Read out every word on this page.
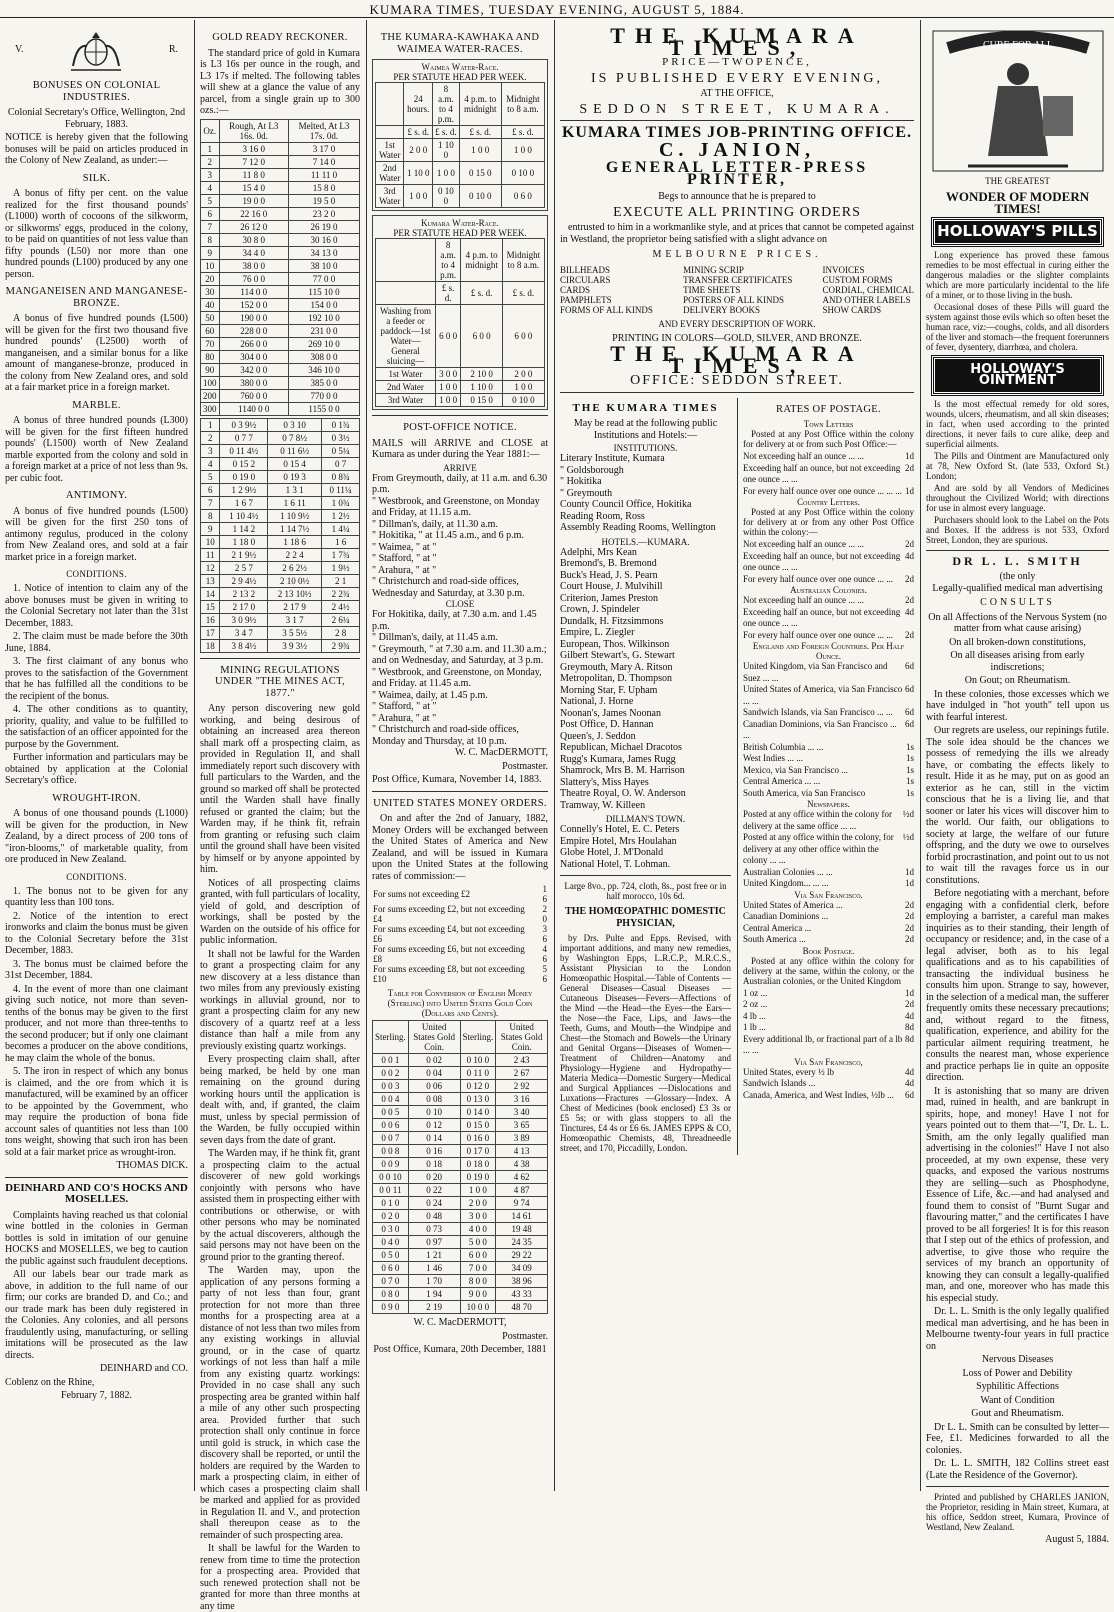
KUMARA TIMES, TUESDAY EVENING, AUGUST 5, 1884.
V.	R.
BONUSES ON COLONIAL INDUSTRIES.

Colonial Secretary's Office, Wellington, 2nd February, 1883.

NOTICE is hereby given that the following bonuses will be paid on articles produced in the Colony of New Zealand, as under:—

SILK.

A bonus of fifty per cent. on the value realized for the first thousand pounds' (L1000) worth of cocoons of the silkworm, or silkworms' eggs, produced in the colony, to be paid on quantities of not less value than fifty pounds (L50) nor more than one hundred pounds (L100) produced by any one person.

MANGANEISEN AND MANGANESE-BRONZE.

A bonus of five hundred pounds (L500) will be given for the first two thousand five hundred pounds' (L2500) worth of manganeisen, and a similar bonus for a like amount of manganese-bronze, produced in the colony from New Zealand ores, and sold at a fair market price in a foreign market.

MARBLE.

A bonus of three hundred pounds (L300) will be given for the first fifteen hundred pounds' (L1500) worth of New Zealand marble exported from the colony and sold in a foreign market at a price of not less than 9s. per cubic foot.

ANTIMONY.

A bonus of five hundred pounds (L500) will be given for the first 250 tons of antimony regulus, produced in the colony from New Zealand ores, and sold at a fair market price in a foreign market.

CONDITIONS.

1. Notice of intention to claim any of the above bonuses must be given in writing to the Colonial Secretary not later than the 31st December, 1883.

2. The claim must be made before the 30th June, 1884.

3. The first claimant of any bonus who proves to the satisfaction of the Government that he has fulfilled all the conditions to be the recipient of the bonus.

4. The other conditions as to quantity, priority, quality, and value to be fulfilled to the satisfaction of an officer appointed for the purpose by the Government.

Further information and particulars may be obtained by application at the Colonial Secretary's office.

WROUGHT-IRON.

A bonus of one thousand pounds (L1000) will be given for the production, in New Zealand, by a direct process of 200 tons of "iron-blooms," of marketable quality, from ore produced in New Zealand.

CONDITIONS.

1. The bonus not to be given for any quantity less than 100 tons.

2. Notice of the intention to erect ironworks and claim the bonus must be given to the Colonial Secretary before the 31st December, 1883.

3. The bonus must be claimed before the 31st December, 1884.

4. In the event of more than one claimant giving such notice, not more than seven-tenths of the bonus may be given to the first producer, and not more than three-tenths to the second producer; but if only one claimant becomes a producer on the above conditions, he may claim the whole of the bonus.

5. The iron in respect of which any bonus is claimed, and the ore from which it is manufactured, will be examined by an officer to be appointed by the Government, who may require the production of bona fide account sales of quantities not less than 100 tons weight, showing that such iron has been sold at a fair market price as wrought-iron.

THOMAS DICK.

DEINHARD AND CO'S HOCKS AND MOSELLES.

Complaints having reached us that colonial wine bottled in the colonies in German bottles is sold in imitation of our genuine HOCKS and MOSELLES, we beg to caution the public against such fraudulent deceptions.

All our labels bear our trade mark as above, in addition to the full name of our firm; our corks are branded D. and Co.; and our trade mark has been duly registered in the Colonies. Any colonies, and all persons fraudulently using, manufacturing, or selling imitations will be prosecuted as the law directs.

DEINHARD and CO.

Coblenz on the Rhine,

February 7, 1882.

GOLD READY RECKONER.

The standard price of gold in Kumara is L3 16s per ounce in the rough, and L3 17s if melted. The following tables will shew at a glance the value of any parcel, from a single grain up to 300 ozs.:—

Oz.	Rough, At L3 16s. 0d.	Melted, At L3 17s. 0d.
1	3 16 0	3 17 0
2	7 12 0	7 14 0
3	11 8 0	11 11 0
4	15 4 0	15 8 0
5	19 0 0	19 5 0
6	22 16 0	23 2 0
7	26 12 0	26 19 0
8	30 8 0	30 16 0
9	34 4 0	34 13 0
10	38 0 0	38 10 0
20	76 0 0	77 0 0
30	114 0 0	115 10 0
40	152 0 0	154 0 0
50	190 0 0	192 10 0
60	228 0 0	231 0 0
70	266 0 0	269 10 0
80	304 0 0	308 0 0
90	342 0 0	346 10 0
100	380 0 0	385 0 0
200	760 0 0	770 0 0
300	1140 0 0	1155 0 0
1	0 3 9½	0 3 10	0 1¾
2	0 7 7	0 7 8½	0 3½
3	0 11 4½	0 11 6½	0 5¼
4	0 15 2	0 15 4	0 7
5	0 19 0	0 19 3	0 8¾
6	1 2 9½	1 3 1	0 11¼
7	1 6 7	1 6 11	1 0¾
8	1 10 4½	1 10 9½	1 2½
9	1 14 2	1 14 7½	1 4¼
10	1 18 0	1 18 6	1 6
11	2 1 9½	2 2 4	1 7¾
12	2 5 7	2 6 2½	1 9½
13	2 9 4½	2 10 0½	2 1
14	2 13 2	2 13 10½	2 2¾
15	2 17 0	2 17 9	2 4½
16	3 0 9½	3 1 7	2 6¼
17	3 4 7	3 5 5½	2 8
18	3 8 4½	3 9 3½	2 9¾
MINING REGULATIONS UNDER "THE MINES ACT, 1877."

Any person discovering new gold working, and being desirous of obtaining an increased area thereon shall mark off a prospecting claim, as provided in Regulation II, and shall immediately report such discovery with full particulars to the Warden, and the ground so marked off shall be protected until the Warden shall have finally refused or granted the claim; but the Warden may, if he think fit, refrain from granting or refusing such claim until the ground shall have been visited by himself or by anyone appointed by him.

Notices of all prospecting claims granted, with full particulars of locality, yield of gold, and description of workings, shall be posted by the Warden on the outside of his office for public information.

It shall not be lawful for the Warden to grant a prospecting claim for any new discovery at a less distance than two miles from any previously existing workings in alluvial ground, nor to grant a prospecting claim for any new discovery of a quartz reef at a less distance than half a mile from any previously existing quartz workings.

Every prospecting claim shall, after being marked, be held by one man remaining on the ground during working hours until the application is dealt with, and, if granted, the claim must, unless by special permission of the Warden, be fully occupied within seven days from the date of grant.

The Warden may, if he think fit, grant a prospecting claim to the actual discoverer of new gold workings conjointly with persons who have assisted them in prospecting either with contributions or otherwise, or with other persons who may be nominated by the actual discoverers, although the said persons may not have been on the ground prior to the granting thereof.

The Warden may, upon the application of any persons forming a party of not less than four, grant protection for not more than three months for a prospecting area at a distance of not less than two miles from any existing workings in alluvial ground, or in the case of quartz workings of not less than half a mile from any existing quartz workings: Provided in no case shall any such prospecting area be granted within half a mile of any other such prospecting area. Provided further that such protection shall only continue in force until gold is struck, in which case the discovery shall be reported, or until the holders are required by the Warden to mark a prospecting claim, in either of which cases a prospecting claim shall be marked and applied for as provided in Regulation II. and V., and protection shall thereupon cease as to the remainder of such prospecting area.

It shall be lawful for the Warden to renew from time to time the protection for a prospecting area. Provided that such renewed protection shall not be granted for more than three months at any time

THE KUMARA-KAWHAKA AND WAIMEA WATER-RACES.
Waimea Water-Race.
PER STATUTE HEAD PER WEEK.
	24 hours.	8 a.m. to 4 p.m.	4 p.m. to midnight	Midnight to 8 a.m.
	£ s. d.	£ s. d.	£ s. d.	£ s. d.
1st Water	2 0 0	1 10 0	1 0 0	1 0 0
2nd Water	1 10 0	1 0 0	0 15 0	0 10 0
3rd Water	1 0 0	0 10 0	0 10 0	0 6 0
Kumara Water-Race.
PER STATUTE HEAD PER WEEK.
	8 a.m. to 4 p.m.	4 p.m. to midnight	Midnight to 8 a.m.
	£ s. d.	£ s. d.	£ s. d.
Washing from a feeder or paddock—1st Water—General sluicing—	6 0 0	6 0 0	6 0 0
1st Water	3 0 0	2 10 0	2 0 0
2nd Water	1 0 0	1 10 0	1 0 0
3rd Water	1 0 0	0 15 0	0 10 0
POST-OFFICE NOTICE.

MAILS will ARRIVE and CLOSE at Kumara as under during the Year 1881:—

ARRIVE
From Greymouth, daily, at 11 a.m. and 6.30 p.m.
" Westbrook, and Greenstone, on Monday and Friday, at 11.15 a.m.
" Dillman's, daily, at 11.30 a.m.
" Hokitika, " at 11.45 a.m., and 6 p.m.
" Waimea, " at "
" Stafford, " at "
" Arahura, " at "
" Christchurch and road-side offices, Wednesday and Saturday, at 3.30 p.m.
CLOSE
For Hokitika, daily, at 7.30 a.m. and 1.45 p.m.
" Dillman's, daily, at 11.45 a.m.
" Greymouth, " at 7.30 a.m. and 11.30 a.m.; and on Wednesday, and Saturday, at 3 p.m.
" Westbrook, and Greenstone, on Monday, and Friday. at 11.45 a.m.
" Waimea, daily, at 1.45 p.m.
" Stafford, " at "
" Arahura, " at "
" Christchurch and road-side offices, Monday and Thursday, at 10 p.m.

W. C. MacDERMOTT,

Postmaster.

Post Office, Kumara, November 14, 1883.

UNITED STATES MONEY ORDERS.

On and after the 2nd of January, 1882, Money Orders will be exchanged between the United States of America and New Zealand, and will be issued in Kumara upon the United States at the following rates of commission:—

For sums not exceeding £2	1 6
For sums exceeding £2, but not exceeding £4	2 0
For sums exceeding £4, but not exceeding £6	3 6
For sums exceeding £6, but not exceeding £8	4 6
For sums exceeding £8, but not exceeding £10	5 6

Table for Conversion of English Money (Sterling) into United States Gold Coin (Dollars and Cents).

Sterling.	United States Gold Coin.	Sterling.	United States Gold Coin.
0 0 1	0 02	0 10 0	2 43
0 0 2	0 04	0 11 0	2 67
0 0 3	0 06	0 12 0	2 92
0 0 4	0 08	0 13 0	3 16
0 0 5	0 10	0 14 0	3 40
0 0 6	0 12	0 15 0	3 65
0 0 7	0 14	0 16 0	3 89
0 0 8	0 16	0 17 0	4 13
0 0 9	0 18	0 18 0	4 38
0 0 10	0 20	0 19 0	4 62
0 0 11	0 22	1 0 0	4 87
0 1 0	0 24	2 0 0	9 74
0 2 0	0 48	3 0 0	14 61
0 3 0	0 73	4 0 0	19 48
0 4 0	0 97	5 0 0	24 35
0 5 0	1 21	6 0 0	29 22
0 6 0	1 46	7 0 0	34 09
0 7 0	1 70	8 0 0	38 96
0 8 0	1 94	9 0 0	43 33
0 9 0	2 19	10 0 0	48 70

W. C. MacDERMOTT,

Postmaster.

Post Office, Kumara, 20th December, 1881

THE KUMARA TIMES,
PRICE—TWOPENCE,
IS PUBLISHED EVERY EVENING,
AT THE OFFICE,
SEDDON STREET, KUMARA.
KUMARA TIMES JOB-PRINTING OFFICE.
C. JANION,
GENERAL LETTER-PRESS PRINTER,
Begs to announce that he is prepared to
EXECUTE ALL PRINTING ORDERS

entrusted to him in a workmanlike style, and at prices that cannot be competed against in Westland, the proprietor being satisfied with a slight advance on

MELBOURNE PRICES.
BILLHEADS
CIRCULARS
CARDS
PAMPHLETS
FORMS OF ALL KINDS
MINING SCRIP
TRANSFER CERTIFICATES
TIME SHEETS
POSTERS OF ALL KINDS
DELIVERY BOOKS
INVOICES
CUSTOM FORMS
CORDIAL, CHEMICAL
AND OTHER LABELS
SHOW CARDS
AND EVERY DESCRIPTION OF WORK.
PRINTING IN COLORS—GOLD, SILVER, AND BRONZE.
THE KUMARA TIMES,
OFFICE: SEDDON STREET.
THE KUMARA TIMES

May be read at the following public Institutions and Hotels:—

INSTITUTIONS.
Literary Institute, Kumara
" Goldsborough
" Hokitika
" Greymouth
County Council Office, Hokitika
Reading Room, Ross
Assembly Reading Rooms, Wellington
HOTELS.—KUMARA.
Adelphi, Mrs Kean
Bremond's, B. Bremond
Buck's Head, J. S. Pearn
Court House, J. Mulvihill
Criterion, James Preston
Crown, J. Spindeler
Dundalk, H. Fitzsimmons
Empire, L. Ziegler
European, Thos. Wilkinson
Gilbert Stewart's, G. Stewart
Greymouth, Mary A. Ritson
Metropolitan, D. Thompson
Morning Star, F. Upham
National, J. Horne
Noonan's, James Noonan
Post Office, D. Hannan
Queen's, J. Seddon
Republican, Michael Dracotos
Rugg's Kumara, James Rugg
Shamrock, Mrs B. M. Harrison
Slattery's, Miss Hayes
Theatre Royal, O. W. Anderson
Tramway, W. Killeen
DILLMAN'S TOWN.
Connelly's Hotel, E. C. Peters
Empire Hotel, Mrs Houlahan
Globe Hotel, J. M'Donald
National Hotel, T. Lohman.

Large 8vo., pp. 724, cloth, 8s., post free or in half morocco, 10s 6d.

THE HOMŒOPATHIC DOMESTIC PHYSICIAN,

by Drs. Pulte and Epps. Revised, with important additions, and many new remedies, by Washington Epps, L.R.C.P., M.R.C.S., Assistant Physician to the London Homœopathic Hospital.—Table of Contents — General Diseases—Casual Diseases — Cutaneous Diseases—Fevers—Affections of the Mind —the Head—the Eyes—the Ears—the Nose—the Face, Lips, and Jaws—the Teeth, Gums, and Mouth—the Windpipe and Chest—the Stomach and Bowels—the Urinary and Genital Organs—Diseases of Women—Treatment of Children—Anatomy and Physiology—Hygiene and Hydropathy—Materia Medica—Domestic Surgery—Medical and Surgical Appliances —Dislocations and Luxations—Fractures —Glossary—Index. A Chest of Medicines (book enclosed) £3 3s or £5 5s; or with glass stoppers to all the Tinctures, £4 4s or £6 6s. JAMES EPPS & CO, Homœopathic Chemists, 48, Threadneedle street, and 170, Piccadilly, London.

RATES OF POSTAGE.
Town Letters

Posted at any Post Office within the colony for delivery at or from such Post Office:—

Not exceeding half an ounce ... ...	1d
Exceeding half an ounce, but not exceeding one ounce ... ...
2d
For every half ounce over one ounce ... ... ... 1d
Country Letters.

Posted at any Post Office within the colony for delivery at or from any other Post Office within the colony:—

Not exceeding half an ounce ... ...	2d
Exceeding half an ounce, but not exceeding one ounce ... ...
4d
For every half ounce over one ounce ... ... 2d
Australian Colonies.
Not exceeding half an ounce ... ...	2d
Exceeding half an ounce, but not exceeding one ounce ... ...
4d
For every half ounce over one ounce ... ... 2d
England and Foreign Countries. Per Half Ounce.
United Kingdom, via San Francisco and Suez ... ...
6d
United States of America, via San Francisco ... ...
6d
Sandwich Islands, via San Francisco ... ... 6d
Canadian Dominions, via San Francisco ... ...
6d
British Columbia ... ...	1s
West Indies ... ...	1s
Mexico, via San Francisco ...	1s
Central America ... ...	1s
South America, via San Francisco	1s
Newspapers.
Posted at any office within the colony for delivery at the same office ... ...
½d
Posted at any office within the colony, for delivery at any other office within the colony ... ...
½d
Australian Colonies ... ...	1d
United Kingdom... ... ...	1d
Via San Francisco.
United States of America ...	2d
Canadian Dominions ...	2d
Central America ...	2d
South America ...	2d
Book Postage.

Posted at any office within the colony for delivery at the same, within the colony, or the Australian colonies, or the United Kingdom

1 oz ...	1d
2 oz ...	2d
4 lb ...	4d
1 lb ...	8d
Every additional lb, or fractional part of a lb ... ...
8d
Via San Francisco,
United States, every ½ lb	4d
Sandwich Islands ...	4d
Canada, America, and West Indies, ½lb ... 6d
CURE FOR ALL
THE GREATEST
WONDER OF MODERN TIMES!
HOLLOWAY'S PILLS

Long experience has proved these famous remedies to be most effectual in curing either the dangerous maladies or the slighter complaints which are more particularly incidental to the life of a miner, or to those living in the bush.

Occasional doses of these Pills will guard the system against those evils which so often beset the human race, viz:—coughs, colds, and all disorders of the liver and stomach—the frequent forerunners of fever, dysentery, diarrhœa, and cholera.

HOLLOWAY'S OINTMENT

Is the most effectual remedy for old sores, wounds, ulcers, rheumatism, and all skin diseases; in fact, when used according to the printed directions, it never fails to cure alike, deep and superficial ailments.

The Pills and Ointment are Manufactured only at 78, New Oxford St. (late 533, Oxford St.) London;

And are sold by all Vendors of Medicines throughout the Civilized World; with directions for use in almost every language.

Purchasers should look to the Label on the Pots and Boxes. If the address is not 533, Oxford Street, London, they are spurious.

DR L. L. SMITH
(the only
Legally-qualified medical man advertising
CONSULTS

On all Affections of the Nervous System (no matter from what cause arising)

On all broken-down constitutions,

On all diseases arising from early indiscretions;

On Gout; on Rheumatism.

In these colonies, those excesses which we have indulged in "hot youth" tell upon us with fearful interest.

Our regrets are useless, our repinings futile. The sole idea should be the chances we possess of remedying the ills we already have, or combating the effects likely to result. Hide it as he may, put on as good an exterior as he can, still in the victim conscious that he is a living lie, and that sooner or later his vices will discover him to the world. Our faith, our obligations to society at large, the welfare of our future offspring, and the duty we owe to ourselves forbid procrastination, and point out to us not to wait till the ravages force us in our constitutions.

Before negotiating with a merchant, before engaging with a confidential clerk, before employing a barrister, a careful man makes inquiries as to their standing, their length of occupancy or residence; and, in the case of a legal adviser, both as to his legal qualifications and as to his capabilities of transacting the individual business he consults him upon. Strange to say, however, in the selection of a medical man, the sufferer frequently omits these necessary precautions; and, without regard to the fitness, qualification, experience, and ability for the particular ailment requiring treatment, he consults the nearest man, whose experience and practice perhaps lie in quite an opposite direction.

It is astonishing that so many are driven mad, ruined in health, and are bankrupt in spirits, hope, and money! Have I not for years pointed out to them that—"I, Dr. L. L. Smith, am the only legally qualified man advertising in the colonies!" Have I not also proceeded, at my own expense, these very quacks, and exposed the various nostrums they are selling—such as Phosphodyne, Essence of Life, &c.—and had analysed and found them to consist of "Burnt Sugar and flavouring matter," and the certificates I have proved to be all forgeries! It is for this reason that I step out of the ethics of profession, and advertise, to give those who require the services of my branch an opportunity of knowing they can consult a legally-qualified man, and one, moreover who has made this his especial study.

Dr. L. L. Smith is the only legally qualified medical man advertising, and he has been in Melbourne twenty-four years in full practice on

Nervous Diseases

Loss of Power and Debility

Syphilitic Affections

Want of Condition

Gout and Rheumatism.

Dr L. L. Smith can be consulted by letter—Fee, £1. Medicines forwarded to all the colonies.

Dr. L. L. SMITH, 182 Collins street east (Late the Residence of the Governor).

Printed and published by CHARLES JANION, the Proprietor, residing in Main street, Kumara, at his office, Seddon street, Kumara, Province of Westland, New Zealand.

August 5, 1884.
